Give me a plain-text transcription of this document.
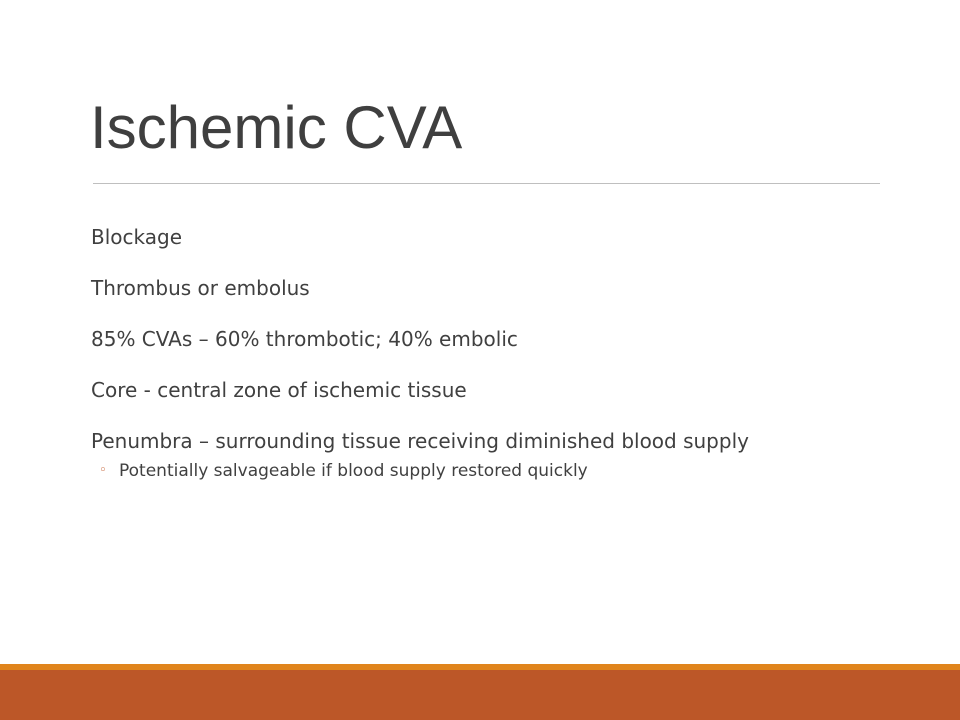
Ischemic CVA
Blockage
Thrombus or embolus
85% CVAs – 60% thrombotic; 40% embolic
Core - central zone of ischemic tissue
Penumbra – surrounding tissue receiving diminished blood supply
◦ Potentially salvageable if blood supply restored quickly
